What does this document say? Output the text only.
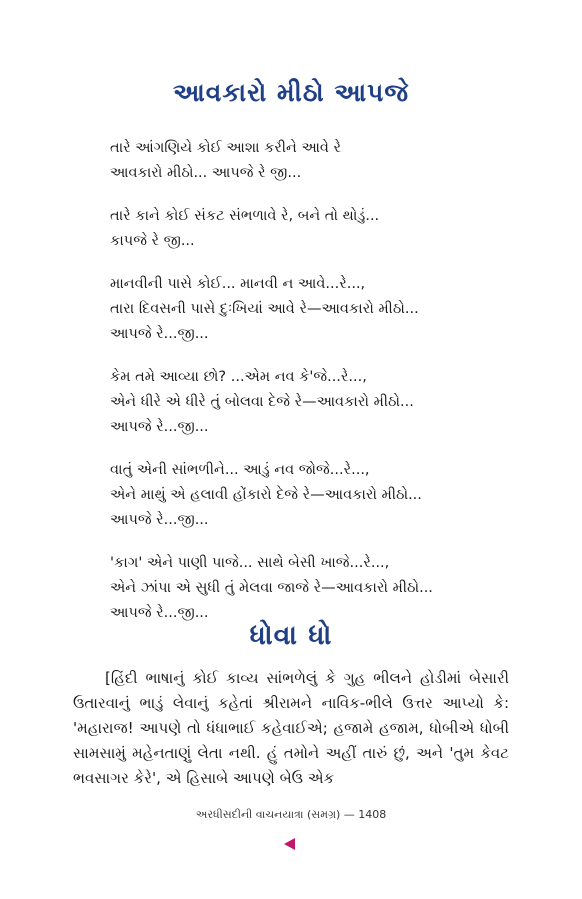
આવકારો મીઠો આપજે
તારે આંગણિયે કોઈ આશા કરીને આવે રે
આવકારો મીઠો... આપજે રે જી...
તારે કાને કોઈ સંકટ સંભળાવે રે, બને તો થોડું...
કાપજે રે જી...
માનવીની પાસે કોઈ... માનવી ન આવે...રે...,
તારા દિવસની પાસે દુઃખિયાં આવે રે—આવકારો મીઠો...
આપજે રે...જી...
કેમ તમે આવ્યા છો? ...એમ નવ કે'જે...રે...,
એને ધીરે એ ધીરે તું બોલવા દેજે રે—આવકારો મીઠો...
આપજે રે...જી...
વાતું એની સાંભળીને... આડું નવ જોજે...રે...,
એને માથું એ હલાવી હોંકારો દેજે રે—આવકારો મીઠો...
આપજે રે...જી...
'કાગ' એને પાણી પાજે... સાથે બેસી ખાજે...રે...,
એને ઝાંપા એ સુધી તું મેલવા જાજે રે—આવકારો મીઠો...
આપજે રે...જી...
ધોવા ધો

[હિંદી ભાષાનું કોઈ કાવ્ય સાંભળેલું કે ગુહ ભીલને હોડીમાં બેસારી ઉતારવાનું ભાડું લેવાનું કહેતાં શ્રીરામને નાવિક-ભીલે ઉત્તર આપ્યો કે: 'મહારાજ! આપણે તો ધંધાભાઈ કહેવાઈએ; હજામે હજામ, ધોબીએ ધોબી સામસામું મહેનતાણું લેતા નથી. હું તમોને અહીં તારું છું, અને 'તુમ કેવટ ભવસાગર કેરે', એ હિસાબે આપણે બેઉ એક

અરધીસદીની વાચનયાત્રા (સમગ્ર) — 1408
